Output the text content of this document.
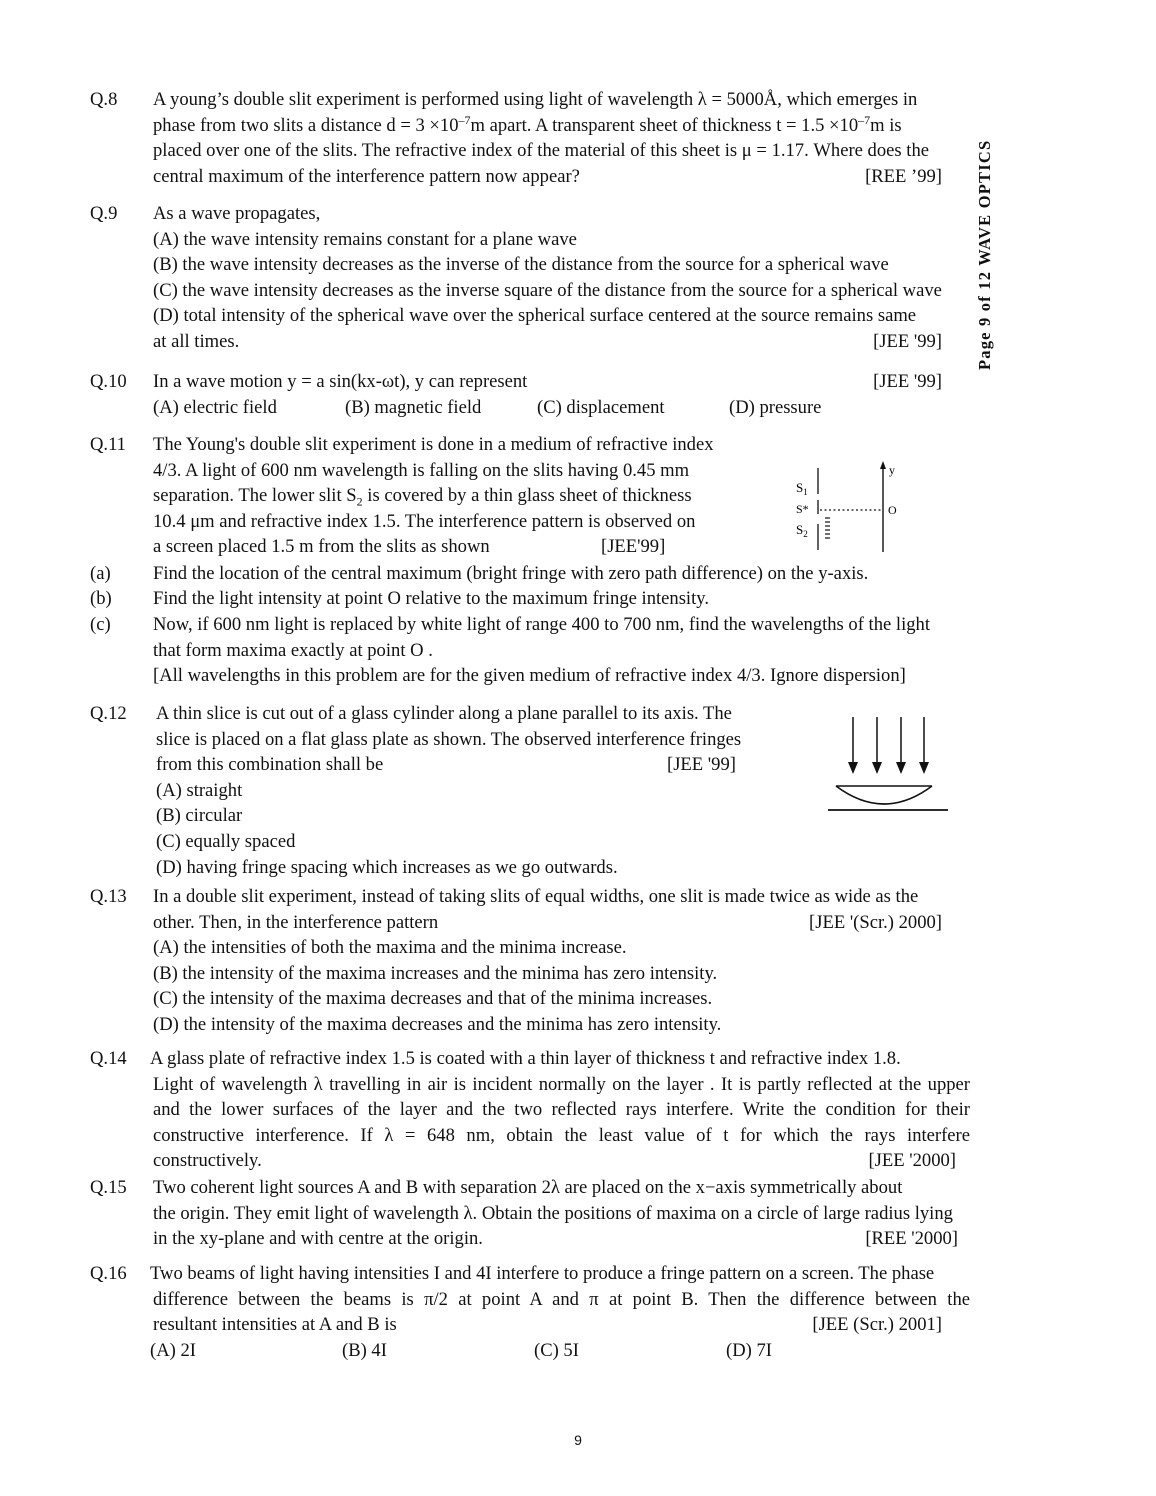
Page 9 of 12 WAVE OPTICS
Q.8 A young’s double slit experiment is performed using light of wavelength λ = 5000Å, which emerges in
phase from two slits a distance $d = 3 \times 10^{-7}m$ apart. A transparent sheet of thickness $t = 1.5 \times 10^{-7}m$ is
placed over one of the slits. The refractive index of the material of this sheet is μ = 1.17. Where does the
central maximum of the interference pattern now appear?	[REE ’99]
Q.9 As a wave propagates,
(A) the wave intensity remains constant for a plane wave
(B) the wave intensity decreases as the inverse of the distance from the source for a spherical wave
(C) the wave intensity decreases as the inverse square of the distance from the source for a spherical wave
(D) total intensity of the spherical wave over the spherical surface centered at the source remains same
at all times.	[JEE '99]
Q.10 In a wave motion y = a sin(kx-ωt), y can represent	[JEE '99]
(A) electric field	(B) magnetic field	(C) displacement	(D) pressure
Q.11 The Young's double slit experiment is done in a medium of refractive index
4/3. A light of 600 nm wavelength is falling on the slits having 0.45 mm
separation. The lower slit $S_2$ is covered by a thin glass sheet of thickness
10.4 μm and refractive index 1.5. The interference pattern is observed on
a screen placed 1.5 m from the slits as shown	[JEE'99]
$S_1$
S*
$S_2$
y
O
(a) Find the location of the central maximum (bright fringe with zero path difference) on the y-axis.
(b) Find the light intensity at point O relative to the maximum fringe intensity.
(c) Now, if 600 nm light is replaced by white light of range 400 to 700 nm, find the wavelengths of the light
that form maxima exactly at point O .
[All wavelengths in this problem are for the given medium of refractive index 4/3. Ignore dispersion]
Q.12 A thin slice is cut out of a glass cylinder along a plane parallel to its axis. The
slice is placed on a flat glass plate as shown. The observed interference fringes
from this combination shall be	[JEE '99]
(A) straight
(B) circular
(C) equally spaced
(D) having fringe spacing which increases as we go outwards.
Q.13 In a double slit experiment, instead of taking slits of equal widths, one slit is made twice as wide as the
other. Then, in the interference pattern	[JEE '(Scr.) 2000]
(A) the intensities of both the maxima and the minima increase.
(B) the intensity of the maxima increases and the minima has zero intensity.
(C) the intensity of the maxima decreases and that of the minima increases.
(D) the intensity of the maxima decreases and the minima has zero intensity.
Q.14 A glass plate of refractive index 1.5 is coated with a thin layer of thickness t and refractive index 1.8.
Light of wavelength λ travelling in air is incident normally on the layer . It is partly reflected at the upper
and the lower surfaces of the layer and the two reflected rays interfere. Write the condition for their
constructive interference. If λ = 648 nm, obtain the least value of t for which the rays interfere
constructively.	[JEE '2000]
Q.15 Two coherent light sources A and B with separation 2λ are placed on the x−axis symmetrically about
the origin. They emit light of wavelength λ. Obtain the positions of maxima on a circle of large radius lying
in the xy-plane and with centre at the origin.	[REE '2000]
Q.16 Two beams of light having intensities I and 4I interfere to produce a fringe pattern on a screen. The phase
difference between the beams is π/2 at point A and π at point B. Then the difference between the
resultant intensities at A and B is	[JEE (Scr.) 2001]
(A) 2I	(B) 4I	(C) 5I	(D) 7I
9
